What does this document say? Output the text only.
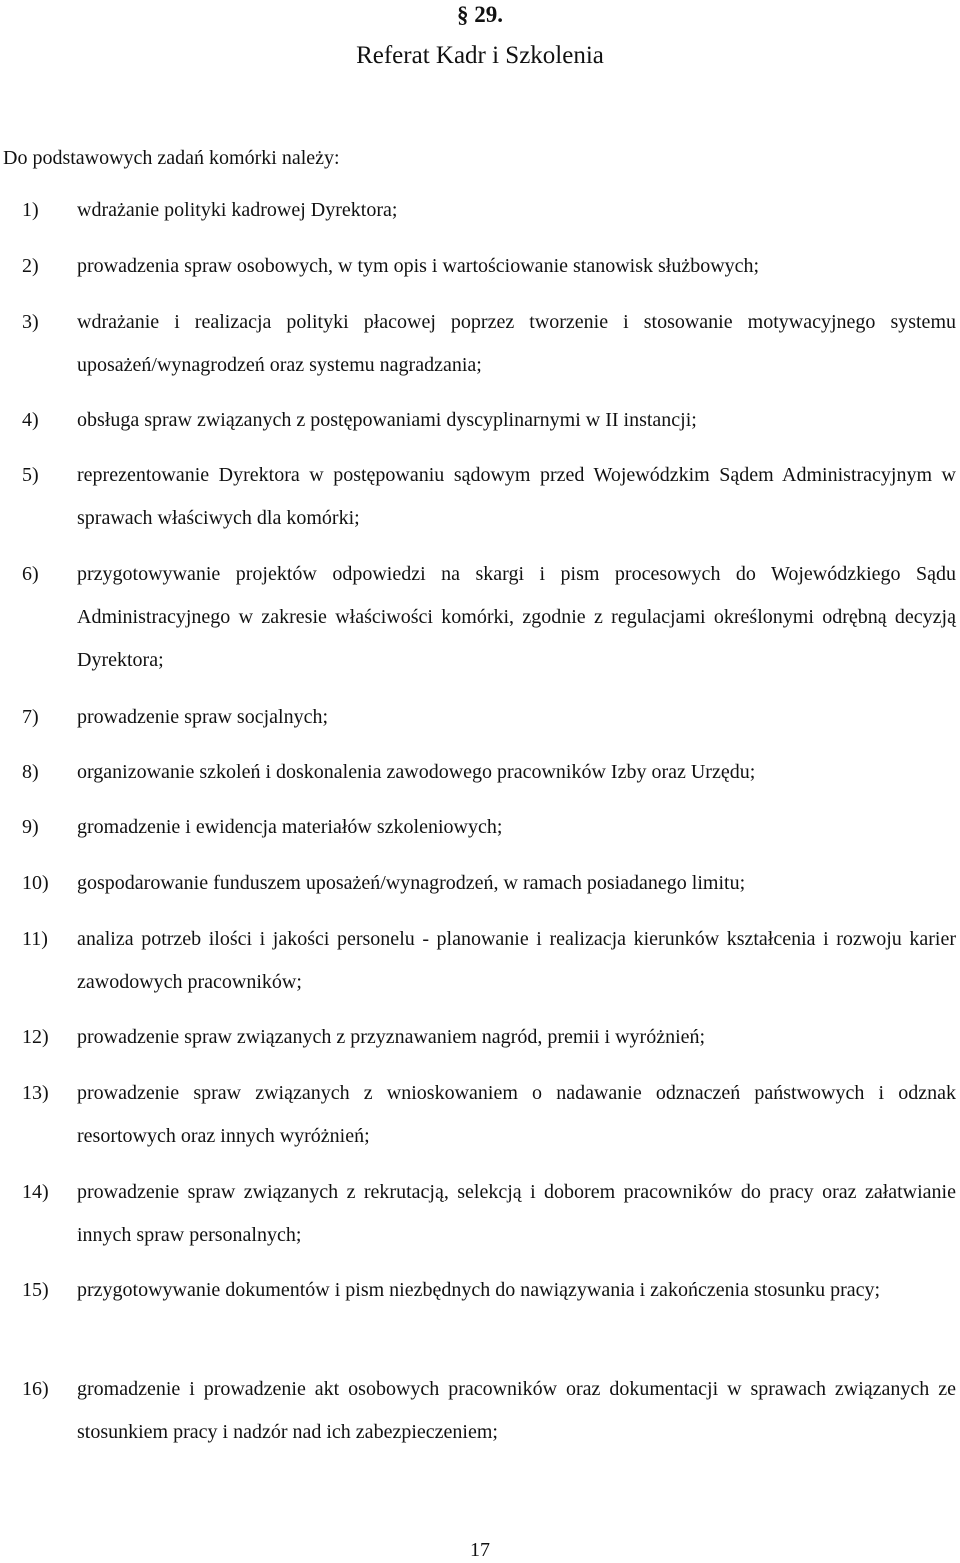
§ 29.
Referat Kadr i Szkolenia
Do podstawowych zadań komórki należy:
1) wdrażanie polityki kadrowej Dyrektora;
2) prowadzenia spraw osobowych, w tym opis i wartościowanie stanowisk służbowych;
3) wdrażanie i realizacja polityki płacowej poprzez tworzenie i stosowanie motywacyjnego systemu uposażeń/wynagrodzeń oraz systemu nagradzania;
4) obsługa spraw związanych z postępowaniami dyscyplinarnymi w II instancji;
5) reprezentowanie Dyrektora w postępowaniu sądowym przed Wojewódzkim Sądem Administracyjnym w sprawach właściwych dla komórki;
6) przygotowywanie projektów odpowiedzi na skargi i pism procesowych do Wojewódzkiego Sądu Administracyjnego w zakresie właściwości komórki, zgodnie z regulacjami określonymi odrębną decyzją Dyrektora;
7) prowadzenie spraw socjalnych;
8) organizowanie szkoleń i doskonalenia zawodowego pracowników Izby oraz Urzędu;
9) gromadzenie i ewidencja materiałów szkoleniowych;
10) gospodarowanie funduszem uposażeń/wynagrodzeń, w ramach posiadanego limitu;
11) analiza potrzeb ilości i jakości personelu - planowanie i realizacja kierunków kształcenia i rozwoju karier zawodowych pracowników;
12) prowadzenie spraw związanych z przyznawaniem nagród, premii i wyróżnień;
13) prowadzenie spraw związanych z wnioskowaniem o nadawanie odznaczeń państwowych i odznak resortowych oraz innych wyróżnień;
14) prowadzenie spraw związanych z rekrutacją, selekcją i doborem pracowników do pracy oraz załatwianie innych spraw personalnych;
15) przygotowywanie dokumentów i pism niezbędnych do nawiązywania i zakończenia stosunku pracy;
16) gromadzenie i prowadzenie akt osobowych pracowników oraz dokumentacji w sprawach związanych ze stosunkiem pracy i nadzór nad ich zabezpieczeniem;
17
